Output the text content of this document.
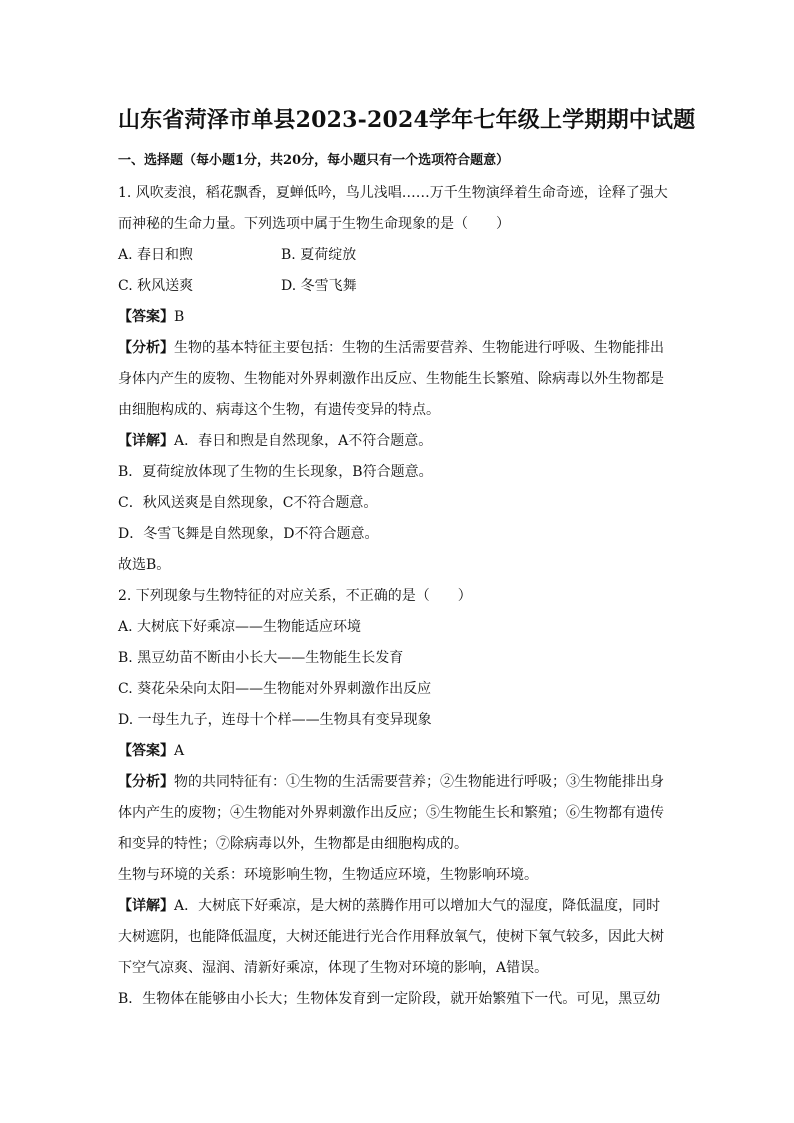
山东省菏泽市单县2023-2024学年七年级上学期期中试题
一、选择题（每小题1分，共20分，每小题只有一个选项符合题意）
1. 风吹麦浪，稻花飘香，夏蝉低吟，鸟儿浅唱……万千生物演绎着生命奇迹，诠释了强大
而神秘的生命力量。下列选项中属于生物生命现象的是（　　）
A. 春日和煦	B. 夏荷绽放
C. 秋风送爽	D. 冬雪飞舞
【答案】B
【分析】生物的基本特征主要包括：生物的生活需要营养、生物能进行呼吸、生物能排出
身体内产生的废物、生物能对外界刺激作出反应、生物能生长繁殖、除病毒以外生物都是
由细胞构成的、病毒这个生物，有遗传变异的特点。
【详解】A．春日和煦是自然现象，A不符合题意。
B．夏荷绽放体现了生物的生长现象，B符合题意。
C．秋风送爽是自然现象，C不符合题意。
D．冬雪飞舞是自然现象，D不符合题意。
故选B。
2. 下列现象与生物特征的对应关系，不正确的是（　　）
A. 大树底下好乘凉——生物能适应环境
B. 黑豆幼苗不断由小长大——生物能生长发育
C. 葵花朵朵向太阳——生物能对外界刺激作出反应
D. 一母生九子，连母十个样——生物具有变异现象
【答案】A
【分析】物的共同特征有：①生物的生活需要营养；②生物能进行呼吸；③生物能排出身
体内产生的废物；④生物能对外界刺激作出反应；⑤生物能生长和繁殖；⑥生物都有遗传
和变异的特性；⑦除病毒以外，生物都是由细胞构成的。
生物与环境的关系：环境影响生物，生物适应环境，生物影响环境。
【详解】A．大树底下好乘凉，是大树的蒸腾作用可以增加大气的湿度，降低温度，同时
大树遮阴，也能降低温度，大树还能进行光合作用释放氧气，使树下氧气较多，因此大树
下空气凉爽、湿润、清新好乘凉，体现了生物对环境的影响，A错误。
B．生物体在能够由小长大；生物体发育到一定阶段，就开始繁殖下一代。可见，黑豆幼
